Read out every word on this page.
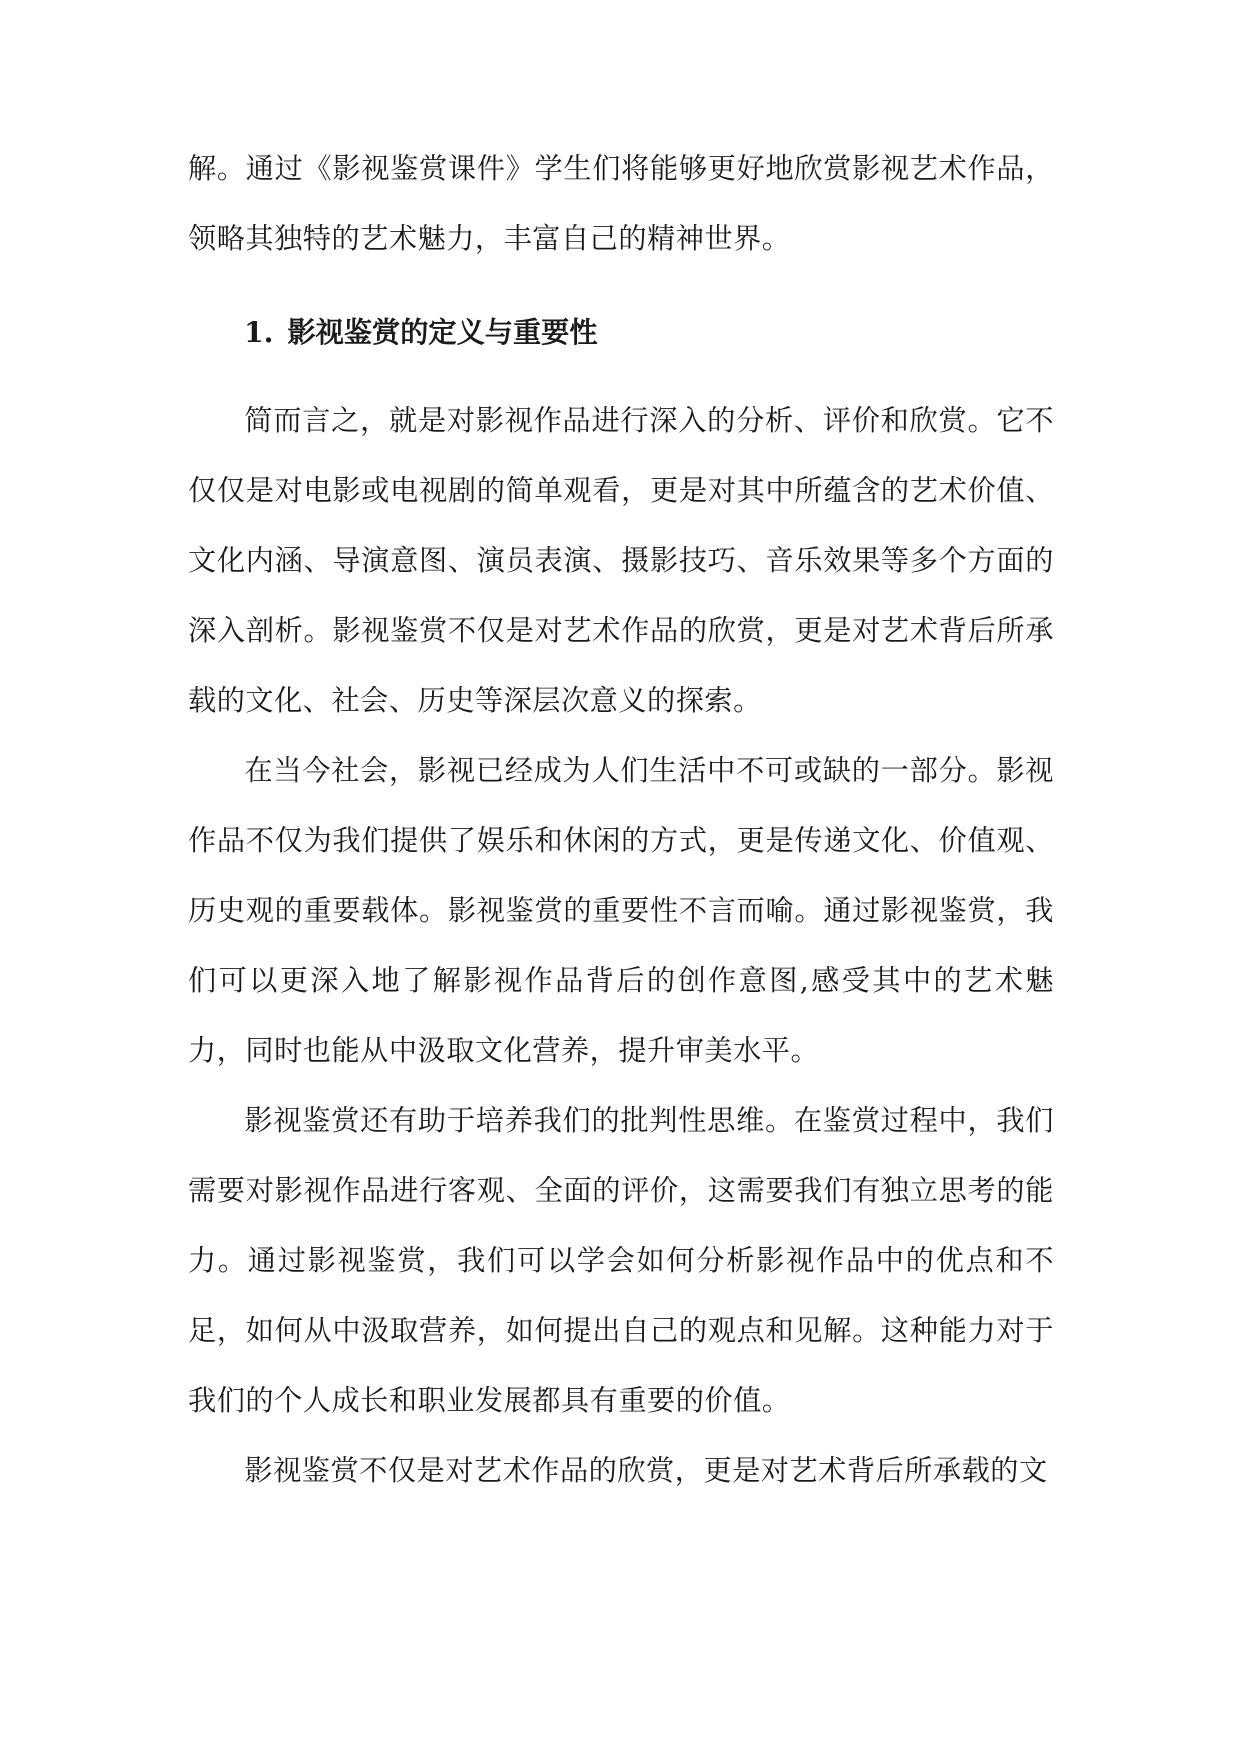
解。通过《影视鉴赏课件》学生们将能够更好地欣赏影视艺术作品，领略其独特的艺术魅力，丰富自己的精神世界。

1. 影视鉴赏的定义与重要性

简而言之，就是对影视作品进行深入的分析、评价和欣赏。它不仅仅是对电影或电视剧的简单观看，更是对其中所蕴含的艺术价值、文化内涵、导演意图、演员表演、摄影技巧、音乐效果等多个方面的深入剖析。影视鉴赏不仅是对艺术作品的欣赏，更是对艺术背后所承载的文化、社会、历史等深层次意义的探索。

在当今社会，影视已经成为人们生活中不可或缺的一部分。影视作品不仅为我们提供了娱乐和休闲的方式，更是传递文化、价值观、历史观的重要载体。影视鉴赏的重要性不言而喻。通过影视鉴赏，我们可以更深入地了解影视作品背后的创作意图,感受其中的艺术魅力，同时也能从中汲取文化营养，提升审美水平。

影视鉴赏还有助于培养我们的批判性思维。在鉴赏过程中，我们需要对影视作品进行客观、全面的评价，这需要我们有独立思考的能力。通过影视鉴赏，我们可以学会如何分析影视作品中的优点和不足，如何从中汲取营养，如何提出自己的观点和见解。这种能力对于我们的个人成长和职业发展都具有重要的价值。

影视鉴赏不仅是对艺术作品的欣赏，更是对艺术背后所承载的文
